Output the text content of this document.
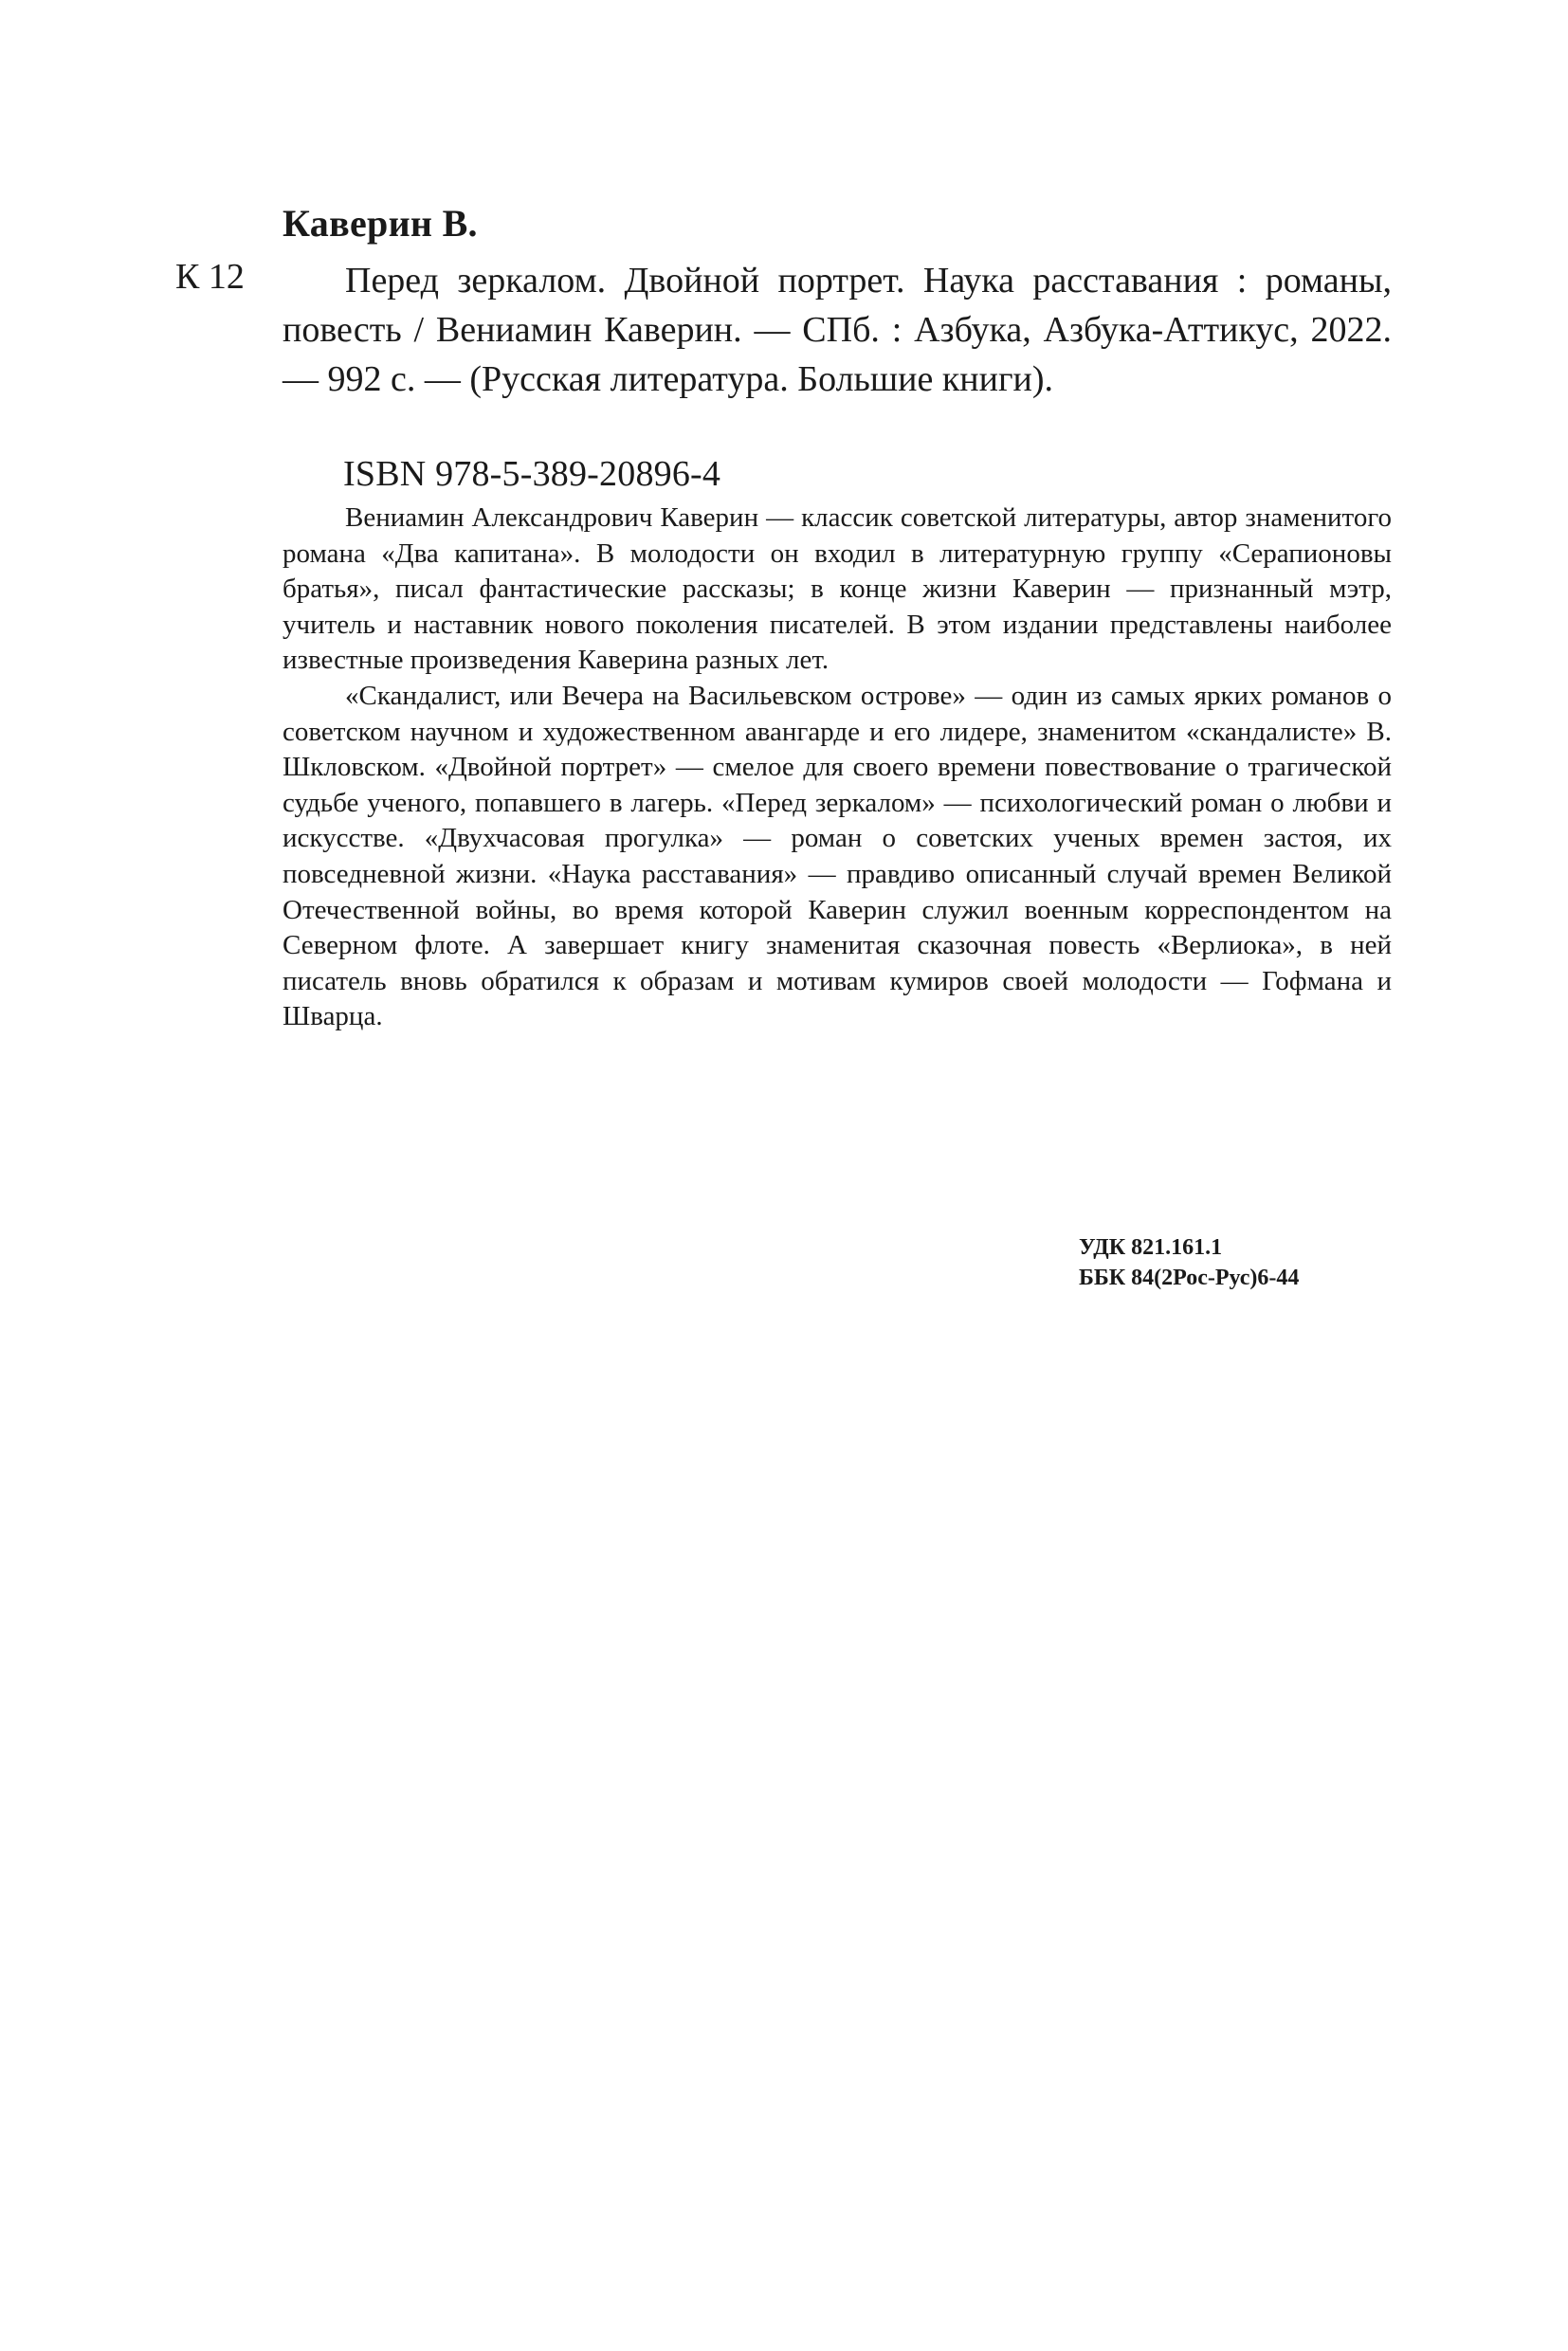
Каверин В.
К 12	Перед зеркалом. Двойной портрет. Наука расставания : романы, повесть / Вениамин Каверин. — СПб. : Азбука, Азбука-Аттикус, 2022. — 992 с. — (Русская литература. Большие книги).
ISBN 978-5-389-20896-4

Вениамин Александрович Каверин — классик советской литературы, автор знаменитого романа «Два капитана». В молодости он входил в литературную группу «Серапионовы братья», писал фантастические рассказы; в конце жизни Каверин — признанный мэтр, учитель и наставник нового поколения писателей. В этом издании представлены наиболее известные произведения Каверина разных лет.

«Скандалист, или Вечера на Васильевском острове» — один из самых ярких романов о советском научном и художественном авангарде и его лидере, знаменитом «скандалисте» В. Шкловском. «Двойной портрет» — смелое для своего времени повествование о трагической судьбе ученого, попавшего в лагерь. «Перед зеркалом» — психологический роман о любви и искусстве. «Двухчасовая прогулка» — роман о советских ученых времен застоя, их повседневной жизни. «Наука расставания» — правдиво описанный случай времен Великой Отечественной войны, во время которой Каверин служил военным корреспондентом на Северном флоте. А завершает книгу знаменитая сказочная повесть «Верлиока», в ней писатель вновь обратился к образам и мотивам кумиров своей молодости — Гофмана и Шварца.

УДК 821.161.1
ББК 84(2Рос-Рус)6-44
